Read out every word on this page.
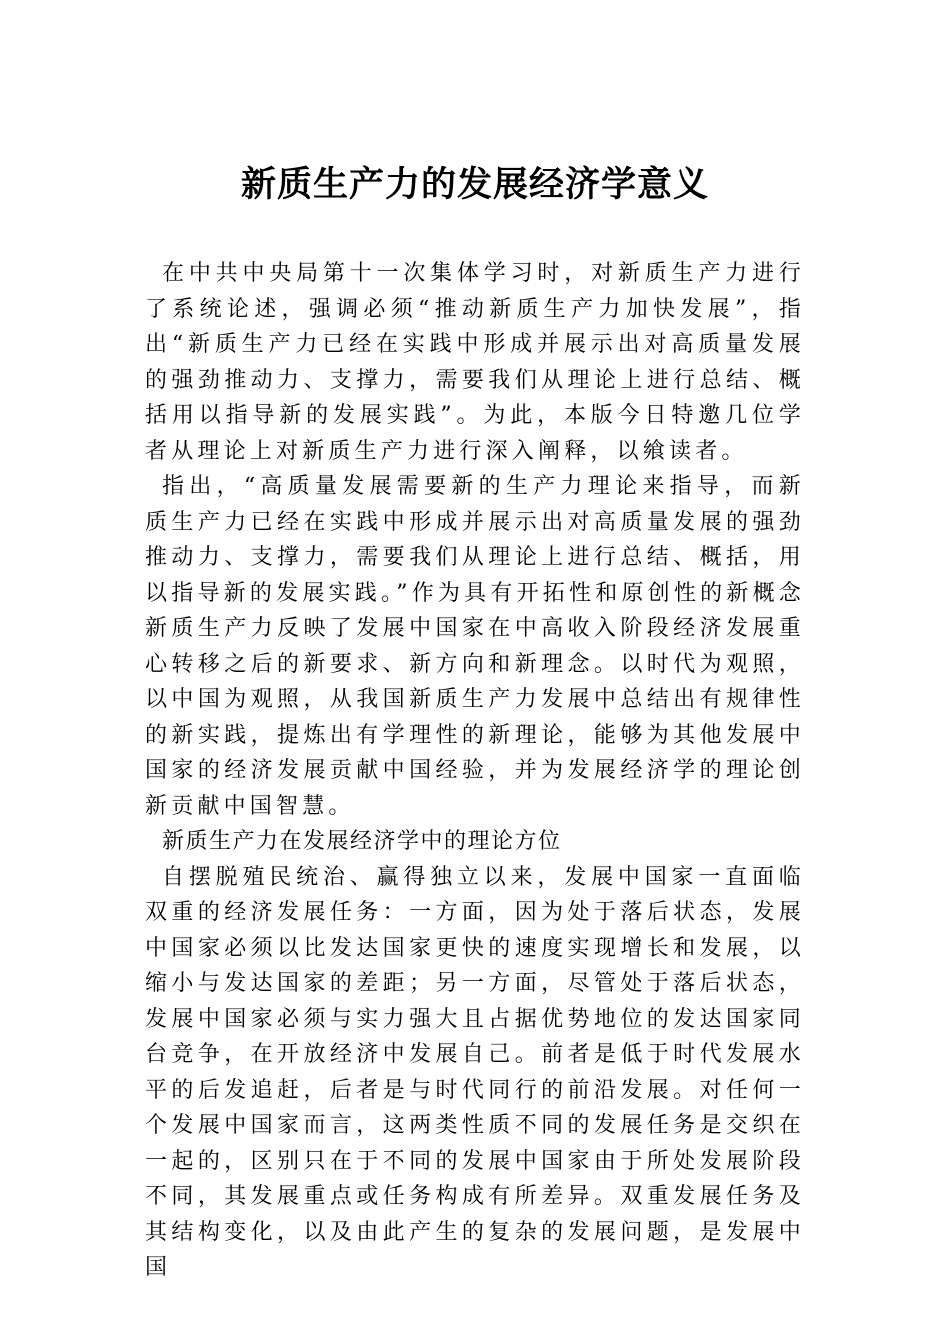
新质生产力的发展经济学意义

在中共中央局第十一次集体学习时，对新质生产力进行了系统论述，强调必须“推动新质生产力加快发展”，指出“新质生产力已经在实践中形成并展示出对高质量发展的强劲推动力、支撑力，需要我们从理论上进行总结、概括用以指导新的发展实践”。为此，本版今日特邀几位学者从理论上对新质生产力进行深入阐释，以飨读者。

指出，“高质量发展需要新的生产力理论来指导，而新质生产力已经在实践中形成并展示出对高质量发展的强劲推动力、支撑力，需要我们从理论上进行总结、概括，用以指导新的发展实践。”作为具有开拓性和原创性的新概念新质生产力反映了发展中国家在中高收入阶段经济发展重心转移之后的新要求、新方向和新理念。以时代为观照，以中国为观照，从我国新质生产力发展中总结出有规律性的新实践，提炼出有学理性的新理论，能够为其他发展中国家的经济发展贡献中国经验，并为发展经济学的理论创新贡献中国智慧。

新质生产力在发展经济学中的理论方位

自摆脱殖民统治、赢得独立以来，发展中国家一直面临双重的经济发展任务：一方面，因为处于落后状态，发展中国家必须以比发达国家更快的速度实现增长和发展，以缩小与发达国家的差距；另一方面，尽管处于落后状态，发展中国家必须与实力强大且占据优势地位的发达国家同台竞争，在开放经济中发展自己。前者是低于时代发展水平的后发追赶，后者是与时代同行的前沿发展。对任何一个发展中国家而言，这两类性质不同的发展任务是交织在一起的，区别只在于不同的发展中国家由于所处发展阶段不同，其发展重点或任务构成有所差异。双重发展任务及其结构变化，以及由此产生的复杂的发展问题，是发展中国
